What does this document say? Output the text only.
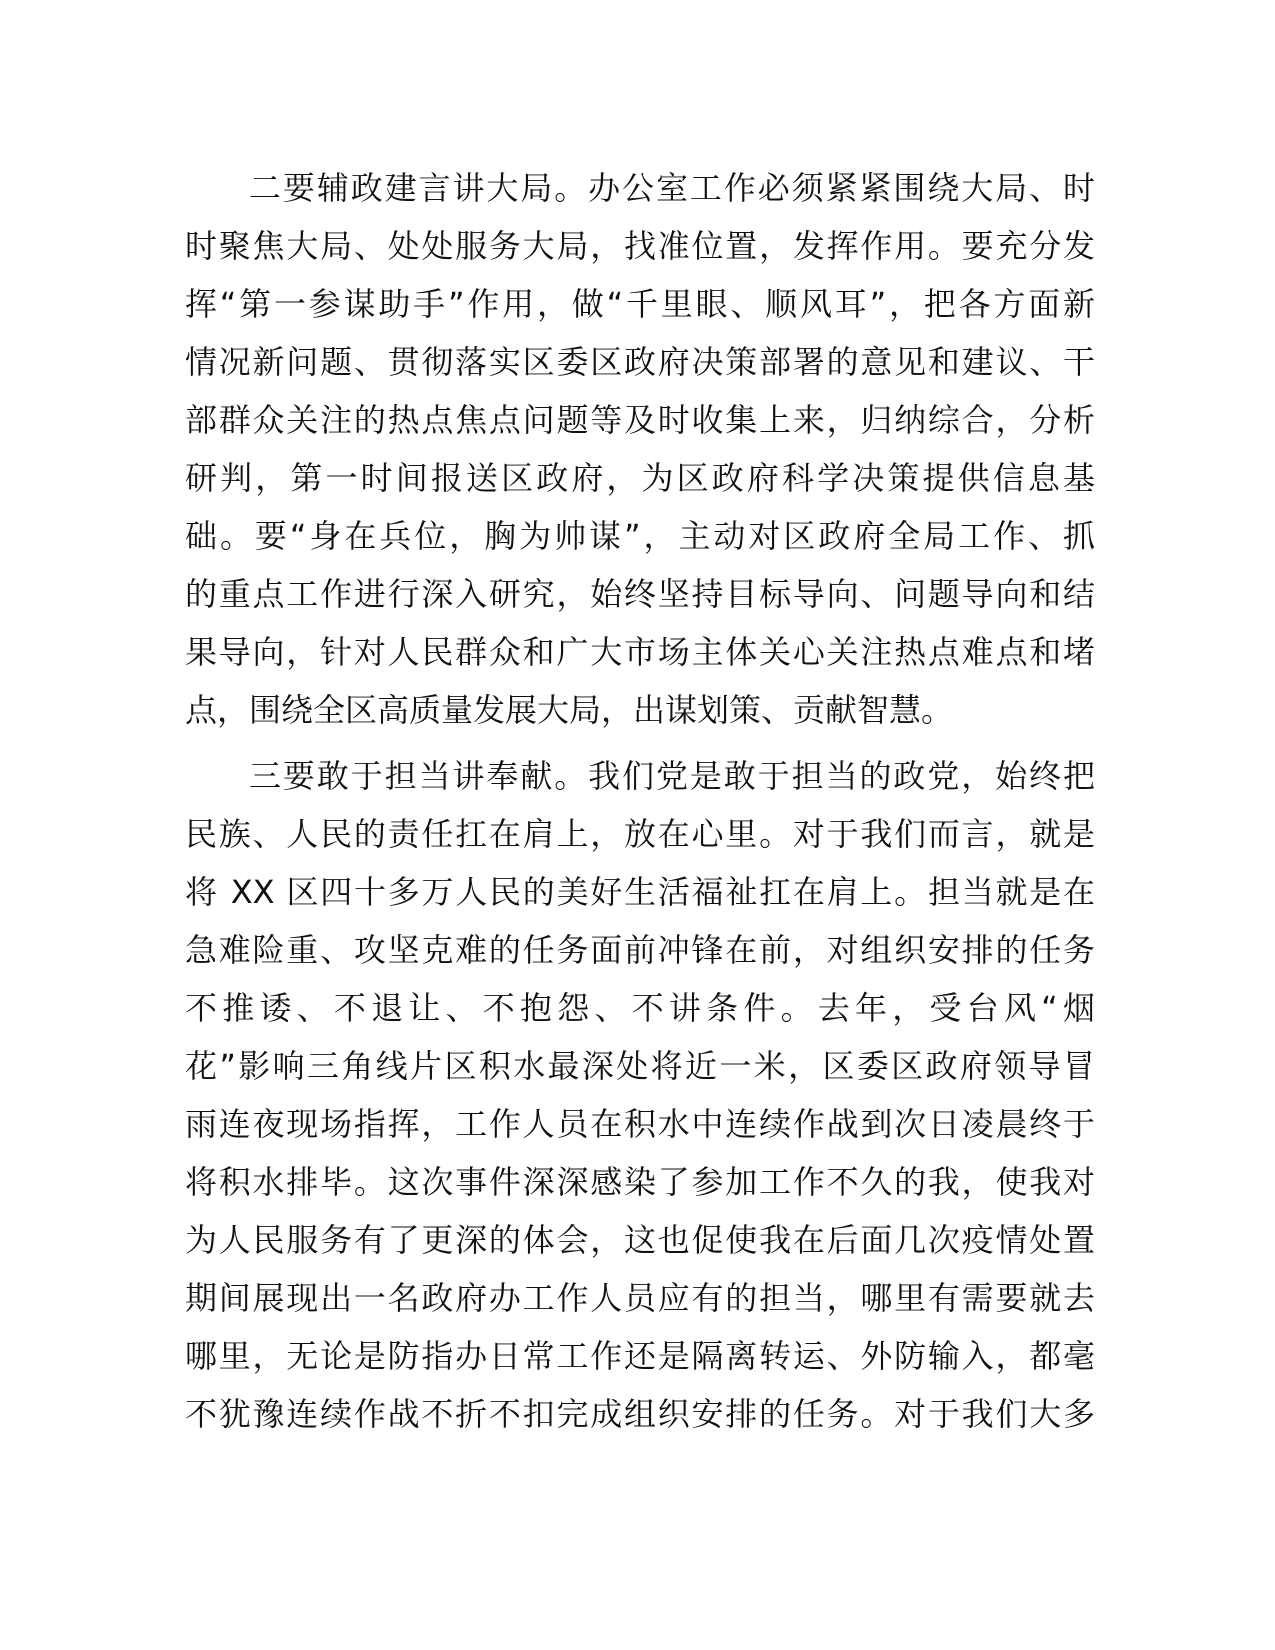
二要辅政建言讲大局。办公室工作必须紧紧围绕大局、时
时聚焦大局、处处服务大局，找准位置，发挥作用。要充分发
挥“第一参谋助手”作用，做“千里眼、顺风耳”，把各方面新
情况新问题、贯彻落实区委区政府决策部署的意见和建议、干
部群众关注的热点焦点问题等及时收集上来，归纳综合，分析
研判，第一时间报送区政府，为区政府科学决策提供信息基
础。要“身在兵位，胸为帅谋”，主动对区政府全局工作、抓
的重点工作进行深入研究，始终坚持目标导向、问题导向和结
果导向，针对人民群众和广大市场主体关心关注热点难点和堵
点，围绕全区高质量发展大局，出谋划策、贡献智慧。
三要敢于担当讲奉献。我们党是敢于担当的政党，始终把
民族、人民的责任扛在肩上，放在心里。对于我们而言，就是
将 XX 区四十多万人民的美好生活福祉扛在肩上。担当就是在
急难险重、攻坚克难的任务面前冲锋在前，对组织安排的任务
不推诿、不退让、不抱怨、不讲条件。去年，受台风“烟
花”影响三角线片区积水最深处将近一米，区委区政府领导冒
雨连夜现场指挥，工作人员在积水中连续作战到次日凌晨终于
将积水排毕。这次事件深深感染了参加工作不久的我，使我对
为人民服务有了更深的体会，这也促使我在后面几次疫情处置
期间展现出一名政府办工作人员应有的担当，哪里有需要就去
哪里，无论是防指办日常工作还是隔离转运、外防输入，都毫
不犹豫连续作战不折不扣完成组织安排的任务。对于我们大多
